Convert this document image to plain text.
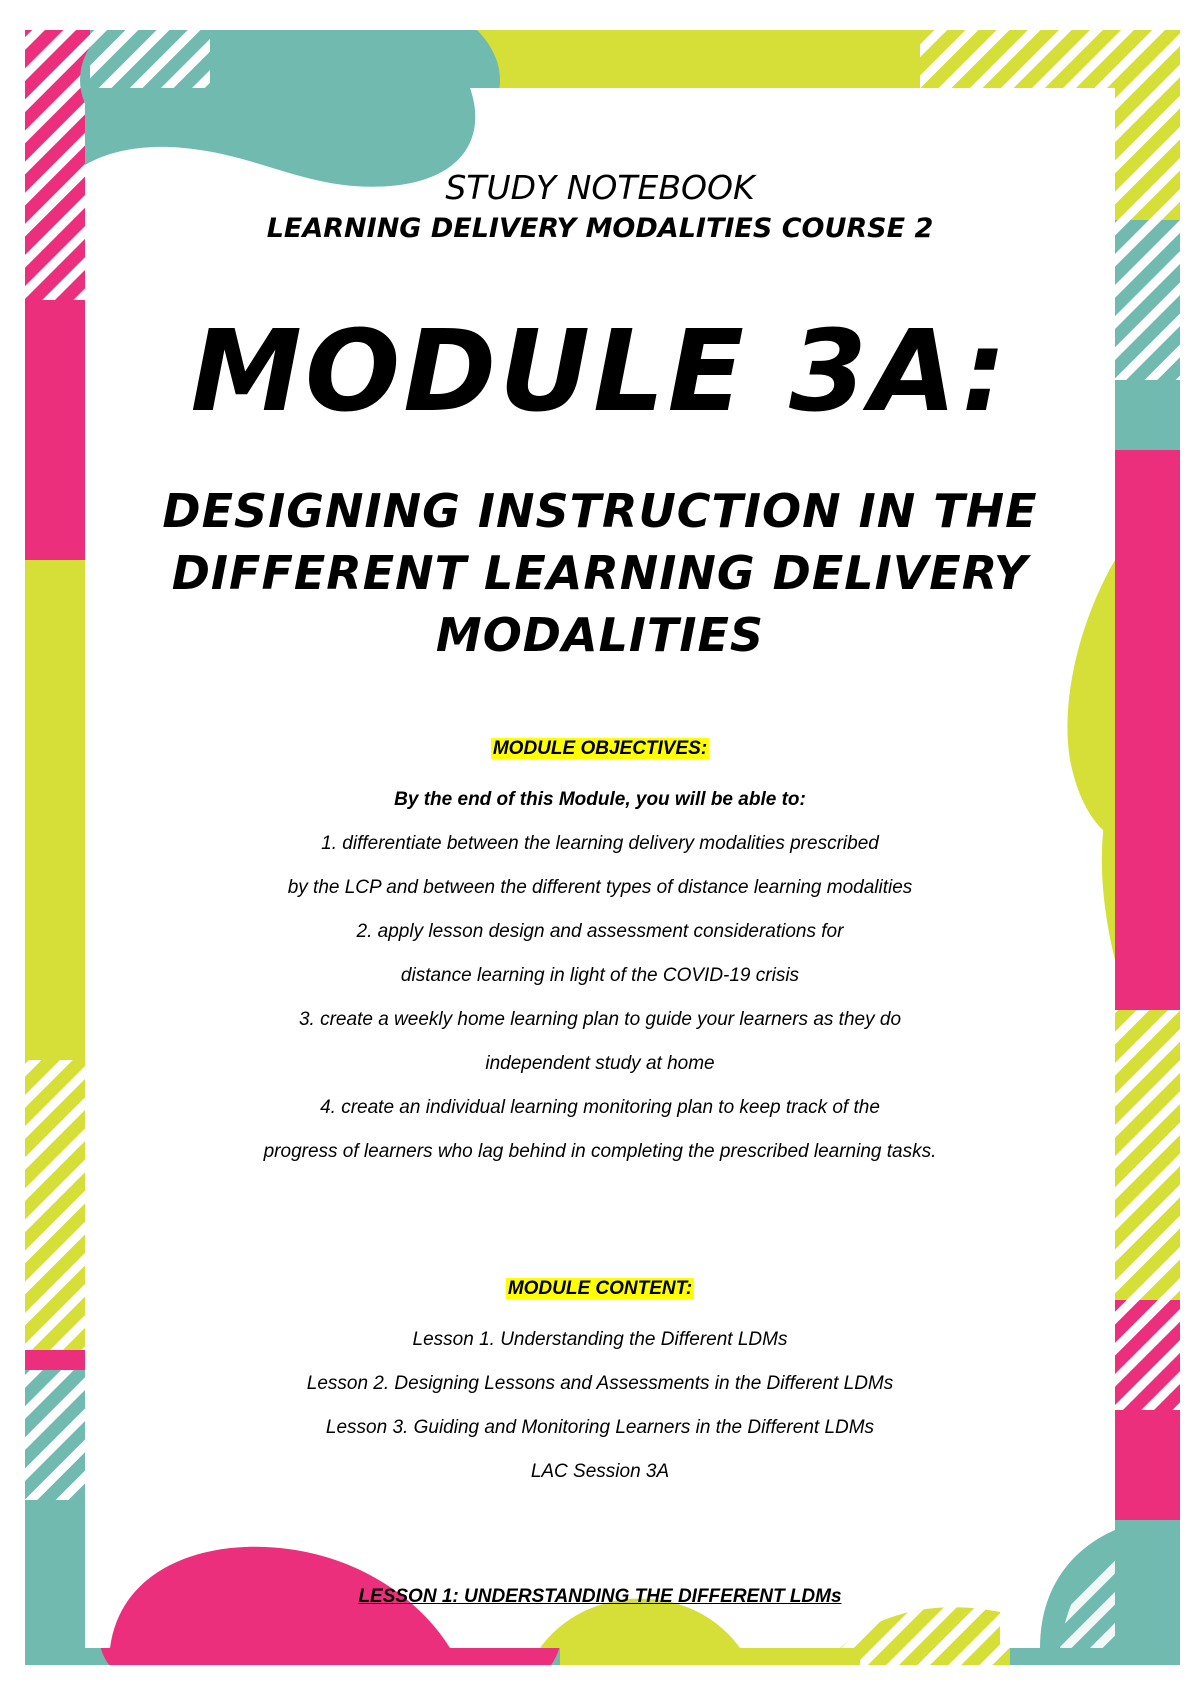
STUDY NOTEBOOK
LEARNING DELIVERY MODALITIES COURSE 2
MODULE 3A:
DESIGNING INSTRUCTION IN THE
DIFFERENT LEARNING DELIVERY
MODALITIES
MODULE OBJECTIVES:
By the end of this Module, you will be able to:
1. differentiate between the learning delivery modalities prescribed
by the LCP and between the different types of distance learning modalities
2. apply lesson design and assessment considerations for
distance learning in light of the COVID-19 crisis
3. create a weekly home learning plan to guide your learners as they do
independent study at home
4. create an individual learning monitoring plan to keep track of the
progress of learners who lag behind in completing the prescribed learning tasks.
MODULE CONTENT:
Lesson 1. Understanding the Different LDMs
Lesson 2. Designing Lessons and Assessments in the Different LDMs
Lesson 3. Guiding and Monitoring Learners in the Different LDMs
LAC Session 3A
LESSON 1: UNDERSTANDING THE DIFFERENT LDMs
